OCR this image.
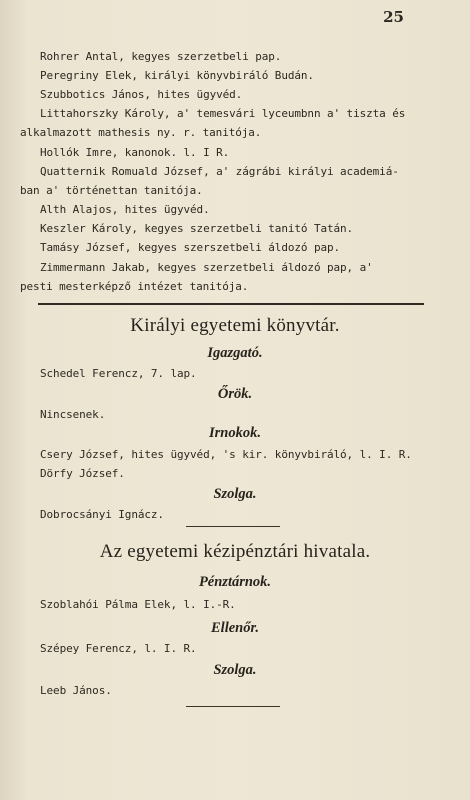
25
Rohrer Antal, kegyes szerzetbeli pap.
Peregriny Elek, királyi könyvbiráló Budán.
Szubbotics János, hites ügyvéd.
Littahorszky Károly, a' temesvári lyceumbnn a' tiszta és
alkalmazott mathesis ny. r. tanitója.
Hollók Imre, kanonok. l. I R.
Quatternik Romuald József, a' zágrábi királyi academiá-
ban a' történettan tanitója.
Alth Alajos, hites ügyvéd.
Keszler Károly, kegyes szerzetbeli tanitó Tatán.
Tamásy József, kegyes szerszetbeli áldozó pap.
Zimmermann Jakab, kegyes szerzetbeli áldozó pap, a'
pesti mesterképző intézet tanitója.
Királyi egyetemi könyvtár.
Igazgató.
Schedel Ferencz, 7. lap.
Őrök.
Nincsenek.
Irnokok.
Csery József, hites ügyvéd, 's kir. könyvbiráló, l. I. R.
Dörfy József.
Szolga.
Dobrocsányi Ignácz.
Az egyetemi kézipénztári hivatala.
Pénztárnok.
Szoblahói Pálma Elek, l. I.-R.
Ellenőr.
Szépey Ferencz, l. I. R.
Szolga.
Leeb János.
